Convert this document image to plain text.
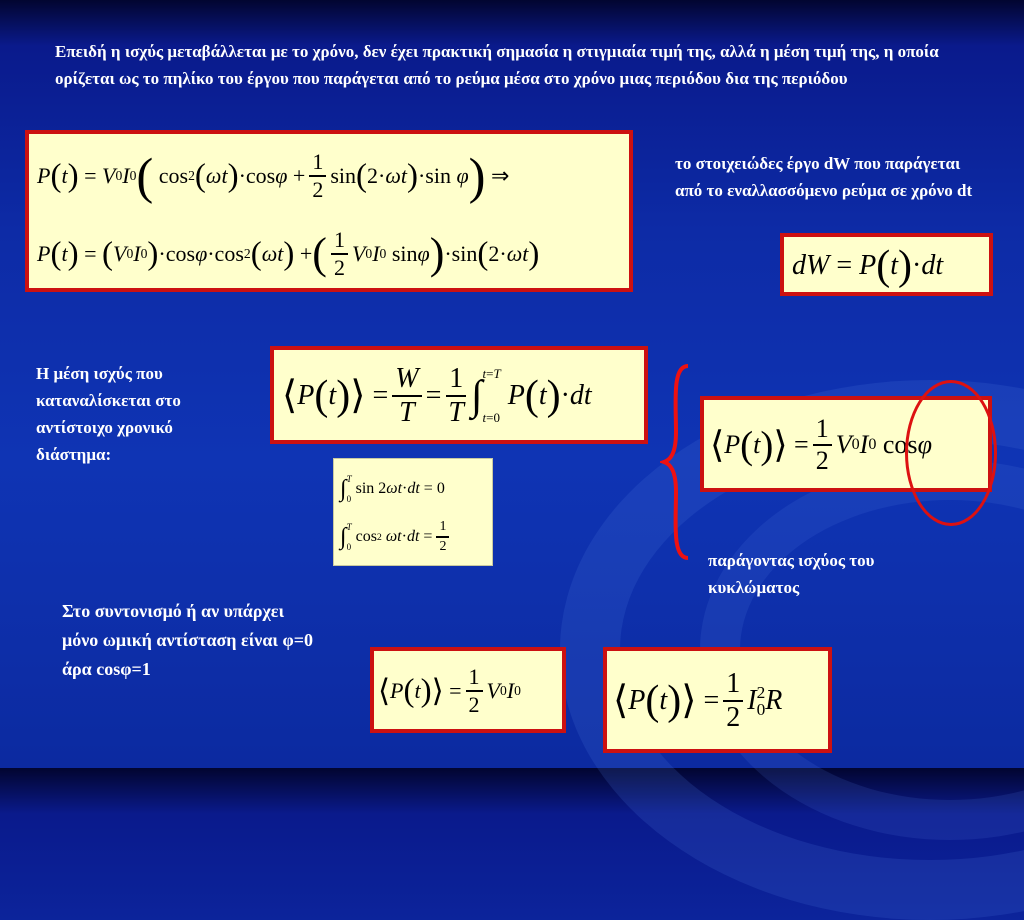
Επειδή η ισχύς μεταβάλλεται με το χρόνο, δεν έχει πρακτική σημασία η στιγμιαία τιμή της, αλλά η μέση τιμή της, η οποία ορίζεται ως το πηλίκο του έργου που παράγεται από το ρεύμα μέσα στο χρόνο μιας περιόδου δια της περιόδου
P ( t ) = V 0 I 0 ( cos 2 ( ωt ) ·cos $\varphi + \frac{1}{2}$ sin ( 2· ωt ) ·sin φ ) ⇒
P ( t ) = ( V 0 I 0 ) ·cos φ ·cos 2 ( ωt ) + ( $\frac{1}{2}$ V 0 I 0 sin φ ) ·sin ( 2· ωt )
το στοιχειώδες έργο dW που παράγεται από το εναλλασσόμενο ρεύμα σε χρόνο dt
dW = P ( t ) · dt
Η μέση ισχύς που καταναλίσκεται στο αντίστοιχο χρονικό διάστημα:
⟨ P ( t ) ⟩ = $\frac{W}{T} = \frac{1}{T}$ ∫ t=T
t=0

P ( t ) · dt
∫ T
0
sin 2 ωt · dt = 0
∫ T
0
cos 2
ωt · dt = $\frac{1}{2}$
⟨ P ( t ) ⟩ = $\frac{1}{2}$ V 0 I 0 cos φ
παράγοντας ισχύος του κυκλώματος
Στο συντονισμό ή αν υπάρχει μόνο ωμική αντίσταση είναι φ=0 άρα cosφ=1
⟨ P ( t ) ⟩ = $\frac{1}{2}$ V 0 I 0 ⟨ P ( t ) ⟩ = $\frac{1}{2}$ I 2
0 R
